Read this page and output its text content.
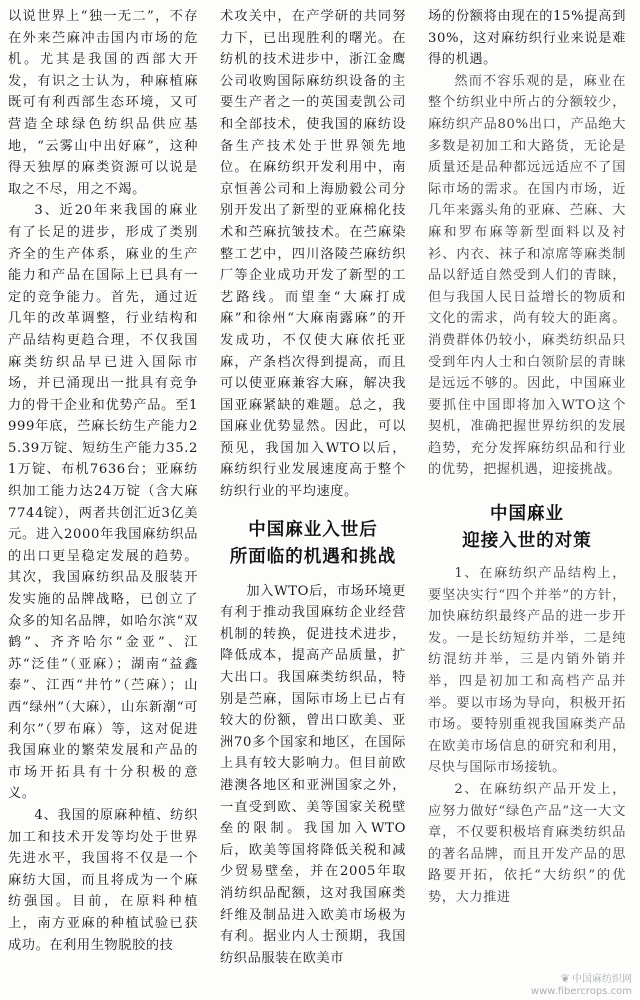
以说世界上“独一无二”，不存在外来苎麻冲击国内市场的危机。尤其是我国的西部大开发，有识之士认为，种麻植麻既可有利西部生态环境，又可营造全球绿色纺织品供应基地，“云雾山中出好麻”，这种得天独厚的麻类资源可以说是取之不尽，用之不竭。

3、近20年来我国的麻业有了长足的进步，形成了类别齐全的生产体系，麻业的生产能力和产品在国际上已具有一定的竞争能力。首先，通过近几年的改革调整，行业结构和产品结构更趋合理，不仅我国麻类纺织品早已进入国际市场，并已涌现出一批具有竞争力的骨干企业和优势产品。至1999年底，苎麻长纺生产能力25.39万锭、短纺生产能力35.21万锭、布机7636台；亚麻纺织加工能力达24万锭（含大麻7744锭），两者共创汇近3亿美元。进入2000年我国麻纺织品的出口更呈稳定发展的趋势。其次，我国麻纺织品及服装开发实施的品牌战略，已创立了众多的知名品牌，如哈尔滨“双鹤”、齐齐哈尔“金亚”、江苏“泛佳”（亚麻）；湖南“益鑫泰”、江西“井竹”（苎麻）；山西“绿州”（大麻），山东新潮“可利尔”（罗布麻）等，这对促进我国麻业的繁荣发展和产品的市场开拓具有十分积极的意义。

4、我国的原麻种植、纺织加工和技术开发等均处于世界先进水平，我国将不仅是一个麻纺大国，而且将成为一个麻纺强国。目前，在原料种植上，南方亚麻的种植试验已获成功。在利用生物脱胶的技

术攻关中，在产学研的共同努力下，已出现胜利的曙光。在纺机的技术进步中，浙江金鹰公司收购国际麻纺织设备的主要生产者之一的英国麦凯公司和全部技术，使我国的麻纺设备生产技术处于世界领先地位。在麻纺织开发利用中，南京恒善公司和上海励毅公司分别开发出了新型的亚麻棉化技术和苎麻抗皱技术。在苎麻染整工艺中，四川洛陵苎麻纺织厂等企业成功开发了新型的工艺路线。而望奎“大麻打成麻”和徐州“大麻南露麻”的开发成功，不仅使大麻依托亚麻，产条档次得到提高，而且可以使亚麻兼容大麻，解决我国亚麻紧缺的难题。总之，我国麻业优势显然。因此，可以预见，我国加入WTO以后，麻纺织行业发展速度高于整个纺织行业的平均速度。

中国麻业入世后
所面临的机遇和挑战

加入WTO后，市场环境更有利于推动我国麻纺企业经营机制的转换，促进技术进步，降低成本，提高产品质量，扩大出口。我国麻类纺织品，特别是苎麻，国际市场上已占有较大的份额，曾出口欧美、亚洲70多个国家和地区，在国际上具有较大影响力。但目前欧港澳各地区和亚洲国家之外，一直受到欧、美等国家关税壁垒的限制。我国加入WTO后，欧美等国将降低关税和减少贸易壁垒，并在2005年取消纺织品配额，这对我国麻类纤维及制品进入欧美市场极为有利。据业内人士预期，我国纺织品服装在欧美市

场的份额将由现在的15%提高到30%，这对麻纺织行业来说是难得的机遇。

然而不容乐观的是，麻业在整个纺织业中所占的分额较少，麻纺织产品80%出口，产品绝大多数是初加工和大路货，无论是质量还是品种都远远适应不了国际市场的需求。在国内市场，近几年来露头角的亚麻、苎麻、大麻和罗布麻等新型面料以及衬衫、内衣、袜子和凉席等麻类制品以舒适自然受到人们的青睐，但与我国人民日益增长的物质和文化的需求，尚有较大的距离。消费群体仍较小，麻类纺织品只受到年内人士和白领阶层的青睐是远远不够的。因此，中国麻业要抓住中国即将加入WTO这个契机，准确把握世界纺织的发展趋势，充分发挥麻纺织品和行业的优势，把握机遇，迎接挑战。

中国麻业
迎接入世的对策

1、在麻纺织产品结构上，要坚决实行“四个并举”的方针，加快麻纺织最终产品的进一步开发。一是长纺短纺并举，二是纯纺混纺并举，三是内销外销并举，四是初加工和高档产品并举。要以市场为导向，积极开拓市场。要特别重视我国麻类产品在欧美市场信息的研究和利用，尽快与国际市场接轨。

2、在麻纺织产品开发上，应努力做好“绿色产品”这一大文章，不仅要积极培育麻类纺织品的著名品牌，而且开发产品的思路要开拓，依托“大纺织”的优势，大力推进

❦ 中国麻纺织网
www.fibercrops.com
